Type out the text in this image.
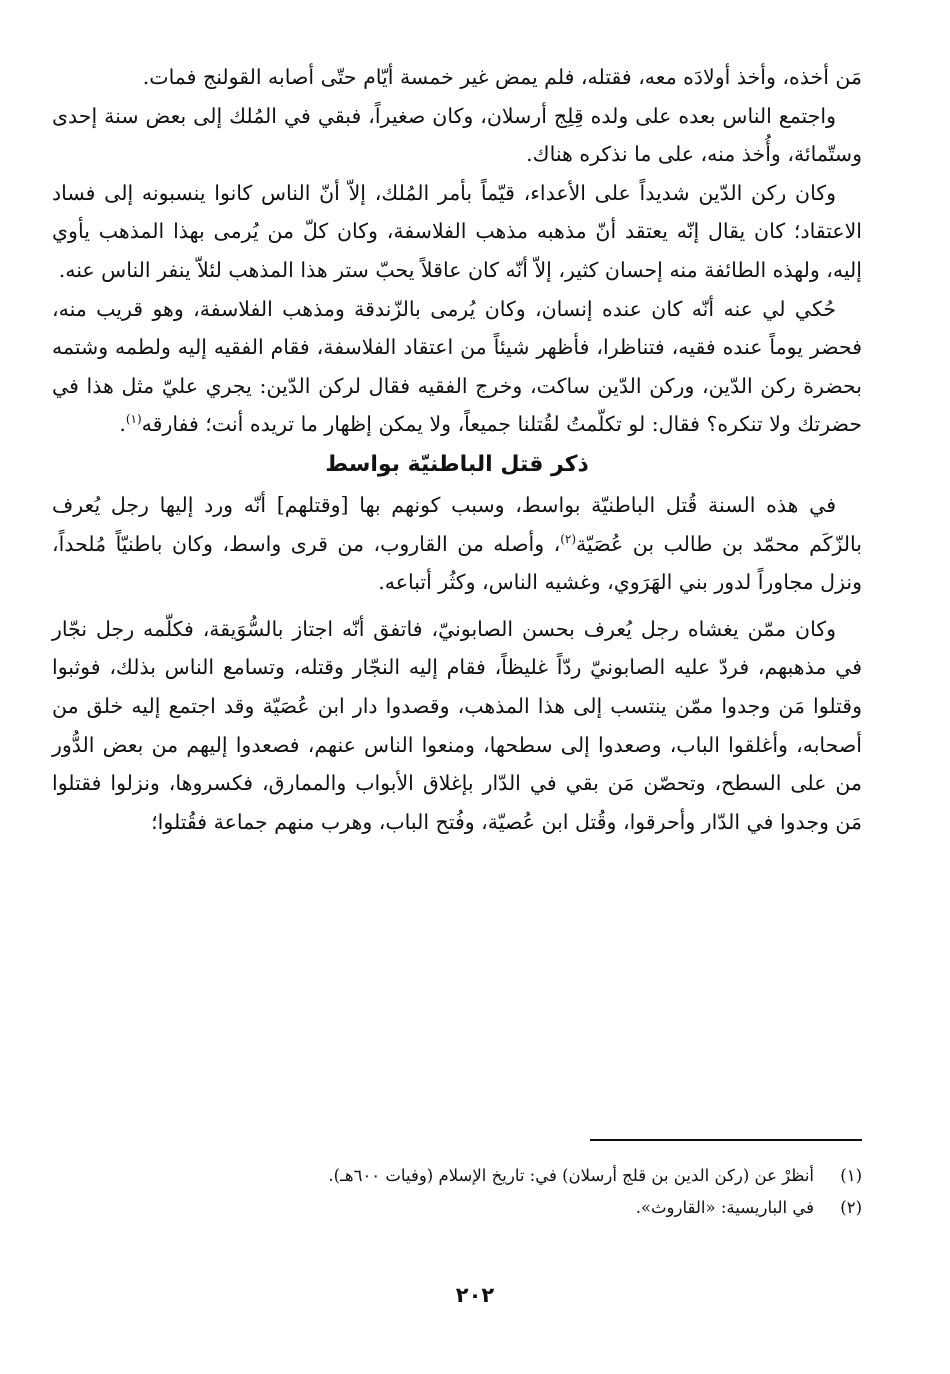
مَن أخذه، وأخذ أولادَه معه، فقتله، فلم يمض غير خمسة أيّام حتّى أصابه القولنج فمات.

واجتمع الناس بعده على ولده قِلِج أرسلان، وكان صغيراً، فبقي في المُلك إلى بعض سنة إحدى وستّمائة، وأُخذ منه، على ما نذكره هناك.

وكان ركن الدّين شديداً على الأعداء، قيّماً بأمر المُلك، إلاّ أنّ الناس كانوا ينسبونه إلى فساد الاعتقاد؛ كان يقال إنّه يعتقد أنّ مذهبه مذهب الفلاسفة، وكان كلّ من يُرمى بهذا المذهب يأوي إليه، ولهذه الطائفة منه إحسان كثير، إلاّ أنّه كان عاقلاً يحبّ ستر هذا المذهب لئلاّ ينفر الناس عنه.

حُكي لي عنه أنّه كان عنده إنسان، وكان يُرمى بالزّندقة ومذهب الفلاسفة، وهو قريب منه، فحضر يوماً عنده فقيه، فتناظرا، فأظهر شيئاً من اعتقاد الفلاسفة، فقام الفقيه إليه ولطمه وشتمه بحضرة ركن الدّين، وركن الدّين ساكت، وخرج الفقيه فقال لركن الدّين: يجري عليّ مثل هذا في حضرتك ولا تنكره؟ فقال: لو تكلّمتُ لقُتلنا جميعاً، ولا يمكن إظهار ما تريده أنت؛ ففارقه$^{(١)}$.

ذكر قتل الباطنيّة بواسط

في هذه السنة قُتل الباطنيّة بواسط، وسبب كونهم بها [وقتلهم] أنّه ورد إليها رجل يُعرف بالزّكَم محمّد بن طالب بن عُصَيّة$^{(٢)}$، وأصله من القاروب، من قرى واسط، وكان باطنيّاً مُلحداً، ونزل مجاوراً لدور بني الهَرَوي، وغشيه الناس، وكثُر أتباعه.

وكان ممّن يغشاه رجل يُعرف بحسن الصابونيّ، فاتفق أنّه اجتاز بالسُّوَيقة، فكلّمه رجل نجّار في مذهبهم، فردّ عليه الصابونيّ ردّاً غليظاً، فقام إليه النجّار وقتله، وتسامع الناس بذلك، فوثبوا وقتلوا مَن وجدوا ممّن ينتسب إلى هذا المذهب، وقصدوا دار ابن عُصَيّة وقد اجتمع إليه خلق من أصحابه، وأغلقوا الباب، وصعدوا إلى سطحها، ومنعوا الناس عنهم، فصعدوا إليهم من بعض الدُّور من على السطح، وتحصّن مَن بقي في الدّار بإغلاق الأبواب والممارق، فكسروها، ونزلوا فقتلوا مَن وجدوا في الدّار وأحرقوا، وقُتل ابن عُصيّة، وفُتح الباب، وهرب منهم جماعة فقُتلوا؛

(١)
أنظرْ عن (ركن الدين بن قلج أرسلان) في: تاريخ الإسلام (وفيات ٦٠٠هـ).
(٢)
في الباريسية: «القاروث».
٢٠٢
